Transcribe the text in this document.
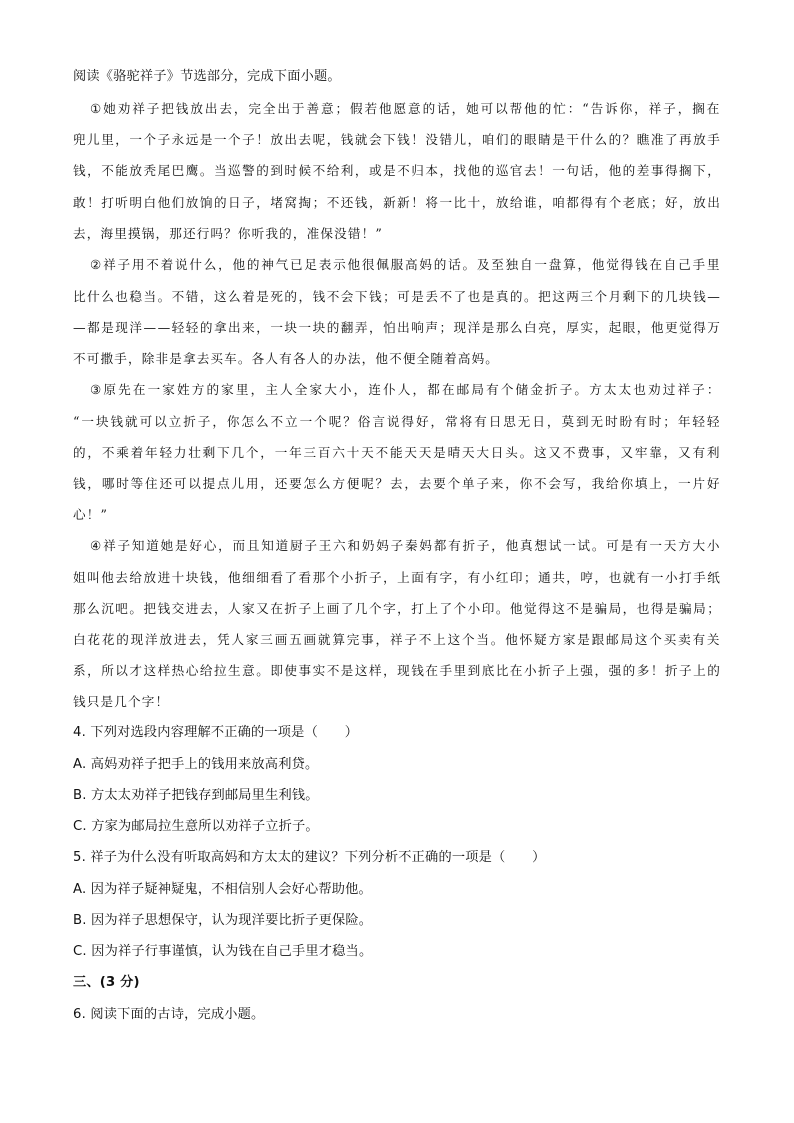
阅读《骆驼祥子》节选部分，完成下面小题。
① 她 劝 祥 子 把 钱 放 出 去 ， 完 全 出 于 善 意 ； 假 若 他 愿 意 的 话 ， 她 可 以 帮 他 的 忙 ： “ 告 诉 你 ， 祥 子 ， 搁 在
兜 儿 里 ， 一 个 子 永 远 是 一 个 子 ！ 放 出 去 呢 ， 钱 就 会 下 钱 ！ 没 错 儿 ， 咱 们 的 眼 睛 是 干 什 么 的 ？ 瞧 准 了 再 放 手
钱 ， 不 能 放 秃 尾 巴 鹰 。 当 巡 警 的 到 时 候 不 给 利 ， 或 是 不 归 本 ， 找 他 的 巡 官 去 ！ 一 句 话 ， 他 的 差 事 得 搁 下 ，
敢 ！ 打 听 明 白 他 们 放 饷 的 日 子 ， 堵 窝 掏 ； 不 还 钱 ， 新 新 ！ 将 一 比 十 ， 放 给 谁 ， 咱 都 得 有 个 老 底 ； 好 ， 放 出
去，海里摸锅，那还行吗？你听我的，准保没错！”
② 祥 子 用 不 着 说 什 么 ， 他 的 神 气 已 足 表 示 他 很 佩 服 高 妈 的 话 。 及 至 独 自 一 盘 算 ， 他 觉 得 钱 在 自 己 手 里
比 什 么 也 稳 当 。 不 错 ， 这 么 着 是 死 的 ， 钱 不 会 下 钱 ； 可 是 丢 不 了 也 是 真 的 。 把 这 两 三 个 月 剩 下 的 几 块 钱 —
— 都 是 现 洋 — — 轻 轻 的 拿 出 来 ， 一 块 一 块 的 翻 弄 ， 怕 出 响 声 ； 现 洋 是 那 么 白 亮 ， 厚 实 ， 起 眼 ， 他 更 觉 得 万
不可撒手，除非是拿去买车。各人有各人的办法，他不便全随着高妈。
③ 原 先 在 一 家 姓 方 的 家 里 ， 主 人 全 家 大 小 ， 连 仆 人 ， 都 在 邮 局 有 个 储 金 折 子 。 方 太 太 也 劝 过 祥 子 ：
“ 一 块 钱 就 可 以 立 折 子 ， 你 怎 么 不 立 一 个 呢 ？ 俗 言 说 得 好 ， 常 将 有 日 思 无 日 ， 莫 到 无 时 盼 有 时 ； 年 轻 轻
的 ， 不 乘 着 年 轻 力 壮 剩 下 几 个 ， 一 年 三 百 六 十 天 不 能 天 天 是 晴 天 大 日 头 。 这 又 不 费 事 ， 又 牢 靠 ， 又 有 利
钱 ， 哪 时 等 住 还 可 以 提 点 儿 用 ， 还 要 怎 么 方 便 呢 ？ 去 ， 去 要 个 单 子 来 ， 你 不 会 写 ， 我 给 你 填 上 ， 一 片 好
心！”
④ 祥 子 知 道 她 是 好 心 ， 而 且 知 道 厨 子 王 六 和 奶 妈 子 秦 妈 都 有 折 子 ， 他 真 想 试 一 试 。 可 是 有 一 天 方 大 小
姐 叫 他 去 给 放 进 十 块 钱 ， 他 细 细 看 了 看 那 个 小 折 子 ， 上 面 有 字 ， 有 小 红 印 ； 通 共 ， 哼 ， 也 就 有 一 小 打 手 纸
那 么 沉 吧 。 把 钱 交 进 去 ， 人 家 又 在 折 子 上 画 了 几 个 字 ， 打 上 了 个 小 印 。 他 觉 得 这 不 是 骗 局 ， 也 得 是 骗 局 ；
白 花 花 的 现 洋 放 进 去 ， 凭 人 家 三 画 五 画 就 算 完 事 ， 祥 子 不 上 这 个 当 。 他 怀 疑 方 家 是 跟 邮 局 这 个 买 卖 有 关
系 ， 所 以 才 这 样 热 心 给 拉 生 意 。 即 使 事 实 不 是 这 样 ， 现 钱 在 手 里 到 底 比 在 小 折 子 上 强 ， 强 的 多 ！ 折 子 上 的
钱只是几个字！
4. 下列对选段内容理解不正确的一项是（　　）
A. 高妈劝祥子把手上的钱用来放高利贷。
B. 方太太劝祥子把钱存到邮局里生利钱。
C. 方家为邮局拉生意所以劝祥子立折子。
5. 祥子为什么没有听取高妈和方太太的建议？下列分析不正确的一项是（　　）
A. 因为祥子疑神疑鬼，不相信别人会好心帮助他。
B. 因为祥子思想保守，认为现洋要比折子更保险。
C. 因为祥子行事谨慎，认为钱在自己手里才稳当。
三、(3 分)
6. 阅读下面的古诗，完成小题。
